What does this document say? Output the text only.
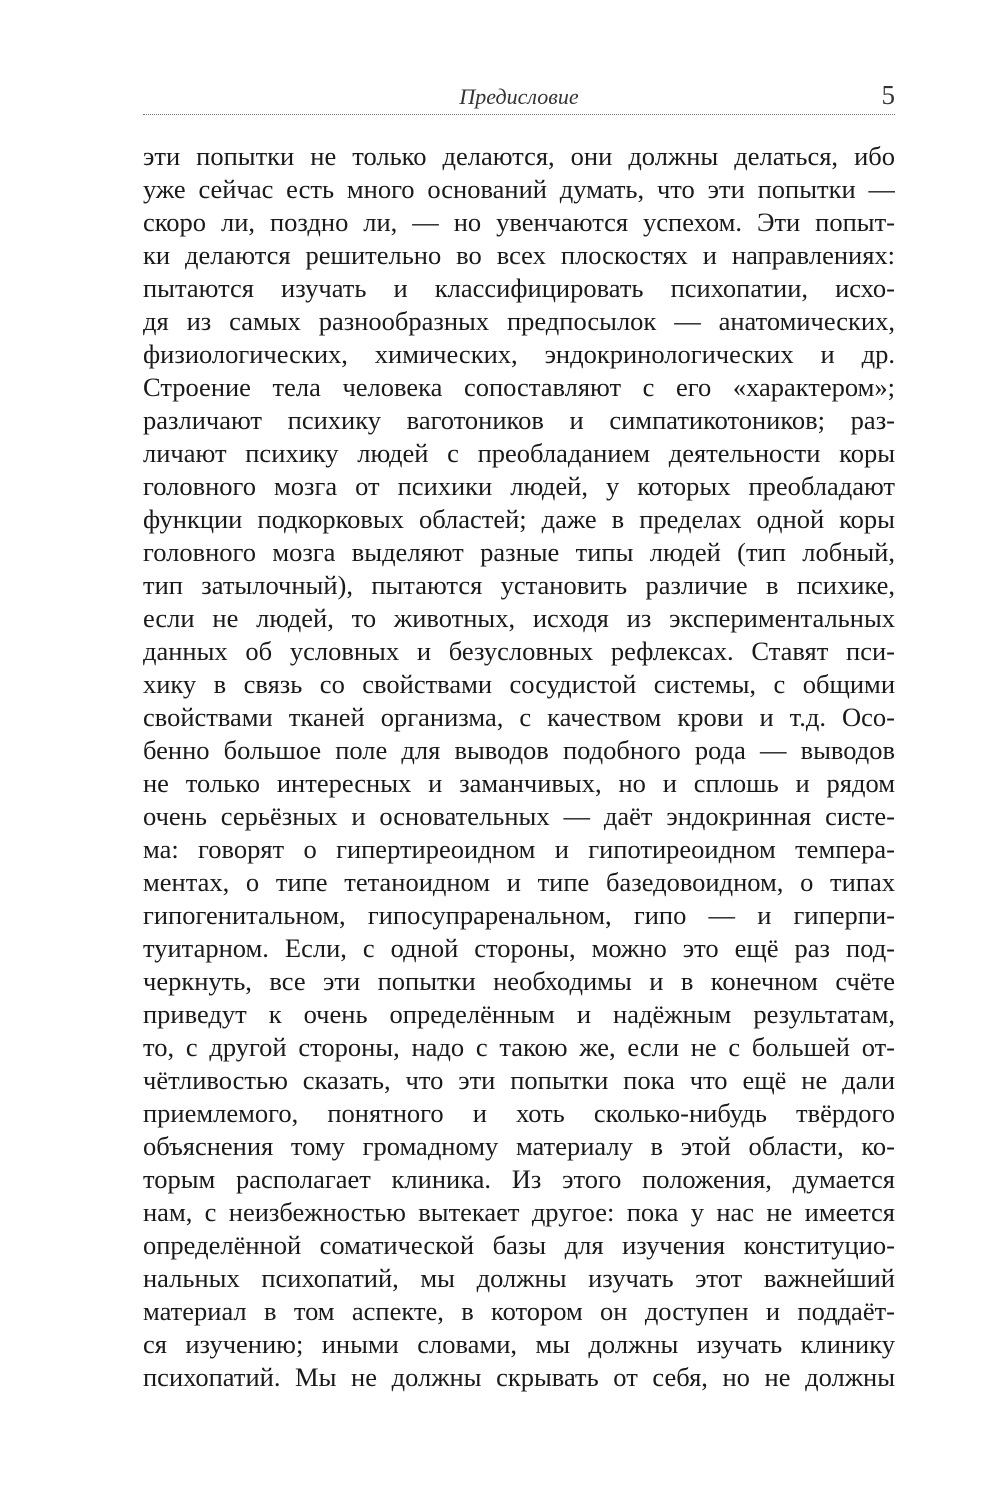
Предисловие	5
эти попытки не только делаются, они должны делаться, ибо
уже сейчас есть много оснований думать, что эти попытки —
скоро ли, поздно ли, — но увенчаются успехом. Эти попыт-
ки делаются решительно во всех плоскостях и направлениях:
пытаются изучать и классифицировать психопатии, исхо-
дя из самых разнообразных предпосылок — анатомических,
физиологических, химических, эндокринологических и др.
Строение тела человека сопоставляют с его «характером»;
различают психику ваготоников и симпатикотоников; раз-
личают психику людей с преобладанием деятельности коры
головного мозга от психики людей, у которых преобладают
функции подкорковых областей; даже в пределах одной коры
головного мозга выделяют разные типы людей (тип лобный,
тип затылочный), пытаются установить различие в психике,
если не людей, то животных, исходя из экспериментальных
данных об условных и безусловных рефлексах. Ставят пси-
хику в связь со свойствами сосудистой системы, с общими
свойствами тканей организма, с качеством крови и т.д. Осо-
бенно большое поле для выводов подобного рода — выводов
не только интересных и заманчивых, но и сплошь и рядом
очень серьёзных и основательных — даёт эндокринная систе-
ма: говорят о гипертиреоидном и гипотиреоидном темпера-
ментах, о типе тетаноидном и типе базедовоидном, о типах
гипогенитальном, гипосупраренальном, гипо — и гиперпи-
туитарном. Если, с одной стороны, можно это ещё раз под-
черкнуть, все эти попытки необходимы и в конечном счёте
приведут к очень определённым и надёжным результатам,
то, с другой стороны, надо с такою же, если не с большей от-
чётливостью сказать, что эти попытки пока что ещё не дали
приемлемого, понятного и хоть сколько-нибудь твёрдого
объяснения тому громадному материалу в этой области, ко-
торым располагает клиника. Из этого положения, думается
нам, с неизбежностью вытекает другое: пока у нас не имеется
определённой соматической базы для изучения конституцио-
нальных психопатий, мы должны изучать этот важнейший
материал в том аспекте, в котором он доступен и поддаёт-
ся изучению; иными словами, мы должны изучать клинику
психопатий. Мы не должны скрывать от себя, но не должны
